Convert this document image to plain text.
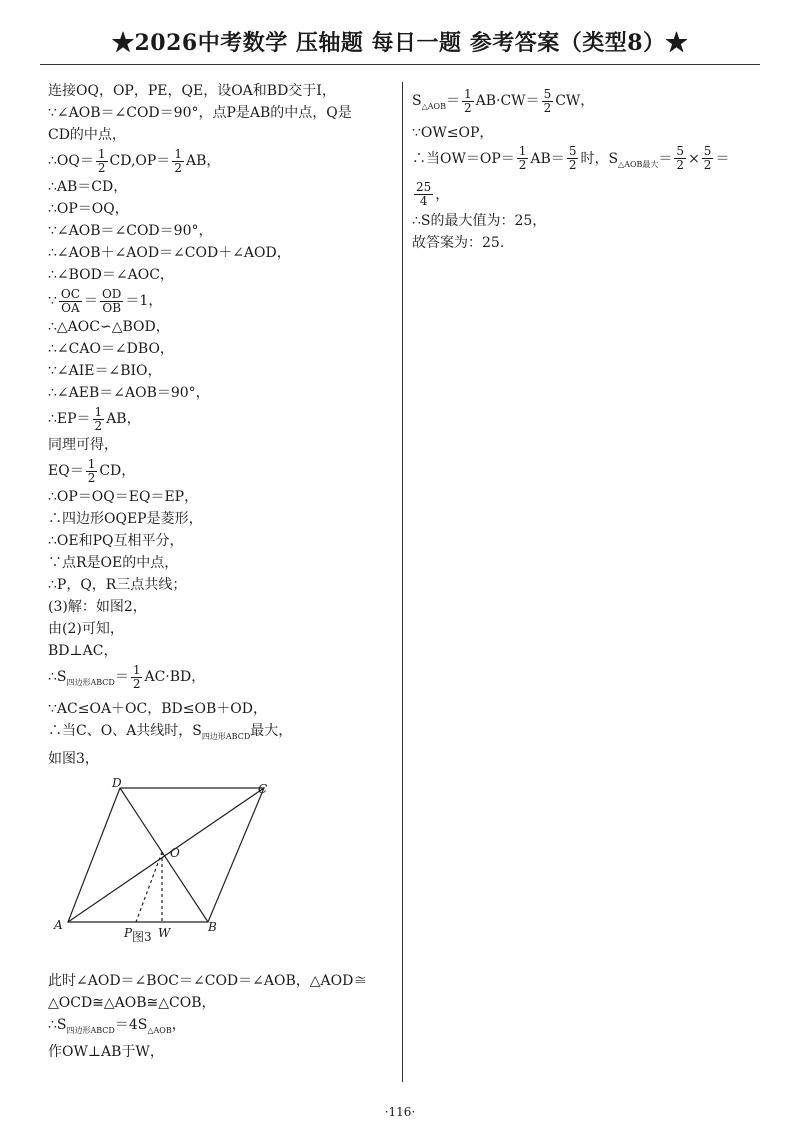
★2026中考数学 压轴题 每日一题 参考答案（类型8）★
连接OQ，OP，PE，QE，设OA和BD交于I，
∵∠AOB＝∠COD＝90°，点P是AB的中点，Q是
CD的中点，
∴OQ＝ $\frac{1}{2} CD,OP= \frac{1}{2}$ AB，
∴AB＝CD，
∴OP＝OQ，
∵∠AOB＝∠COD＝90°，
∴∠AOB＋∠AOD＝∠COD＋∠AOD，
∴∠BOD＝∠AOC，
∵ $\frac{OC}{OA} = \frac{OD}{OB} =1$，
∴△AOC∽△BOD，
∴∠CAO＝∠DBO，
∵∠AIE＝∠BIO，
∴∠AEB＝∠AOB＝90°，
∴EP＝ $\frac{1}{2}$ AB，
同理可得，
$EQ= \frac{1}{2}$ CD，
∴OP＝OQ＝EQ＝EP，
∴四边形OQEP是菱形，
∴OE和PQ互相平分，
∵点R是OE的中点，
∴P，Q，R三点共线；
(3)解：如图2，
由(2)可知，
BD⊥AC，
$\therefore S_{四边形ABCD}= \frac{1}{2} AC\cdot BD$，
∵AC≤OA＋OC，BD≤OB＋OD，
∴当C、O、A共线时，$S_{四边形ABCD}$最大，
如图3，
D	C
O
A	B
P W
图3
此时∠AOD＝∠BOC＝∠COD＝∠AOB，△AOD≅
△OCD≅△AOB≅△COB，
$\therefore S_{四边形ABCD}=4S_{\triangle AOB}$，
作OW⊥AB于W，
$S_{\triangle AOB}= \frac{1}{2} AB\cdot CW= \frac{5}{2}$ CW，
∵OW≤OP，
∴当$OW=OP= \frac{1}{2} AB= \frac{5}{2}$ 时，$S_{\triangle AOB最大}= \frac{5}{2} \times \frac{5}{2}$ ＝
$\frac{25}{4}$ ，
∴S的最大值为：25，
故答案为：25.
·116·
